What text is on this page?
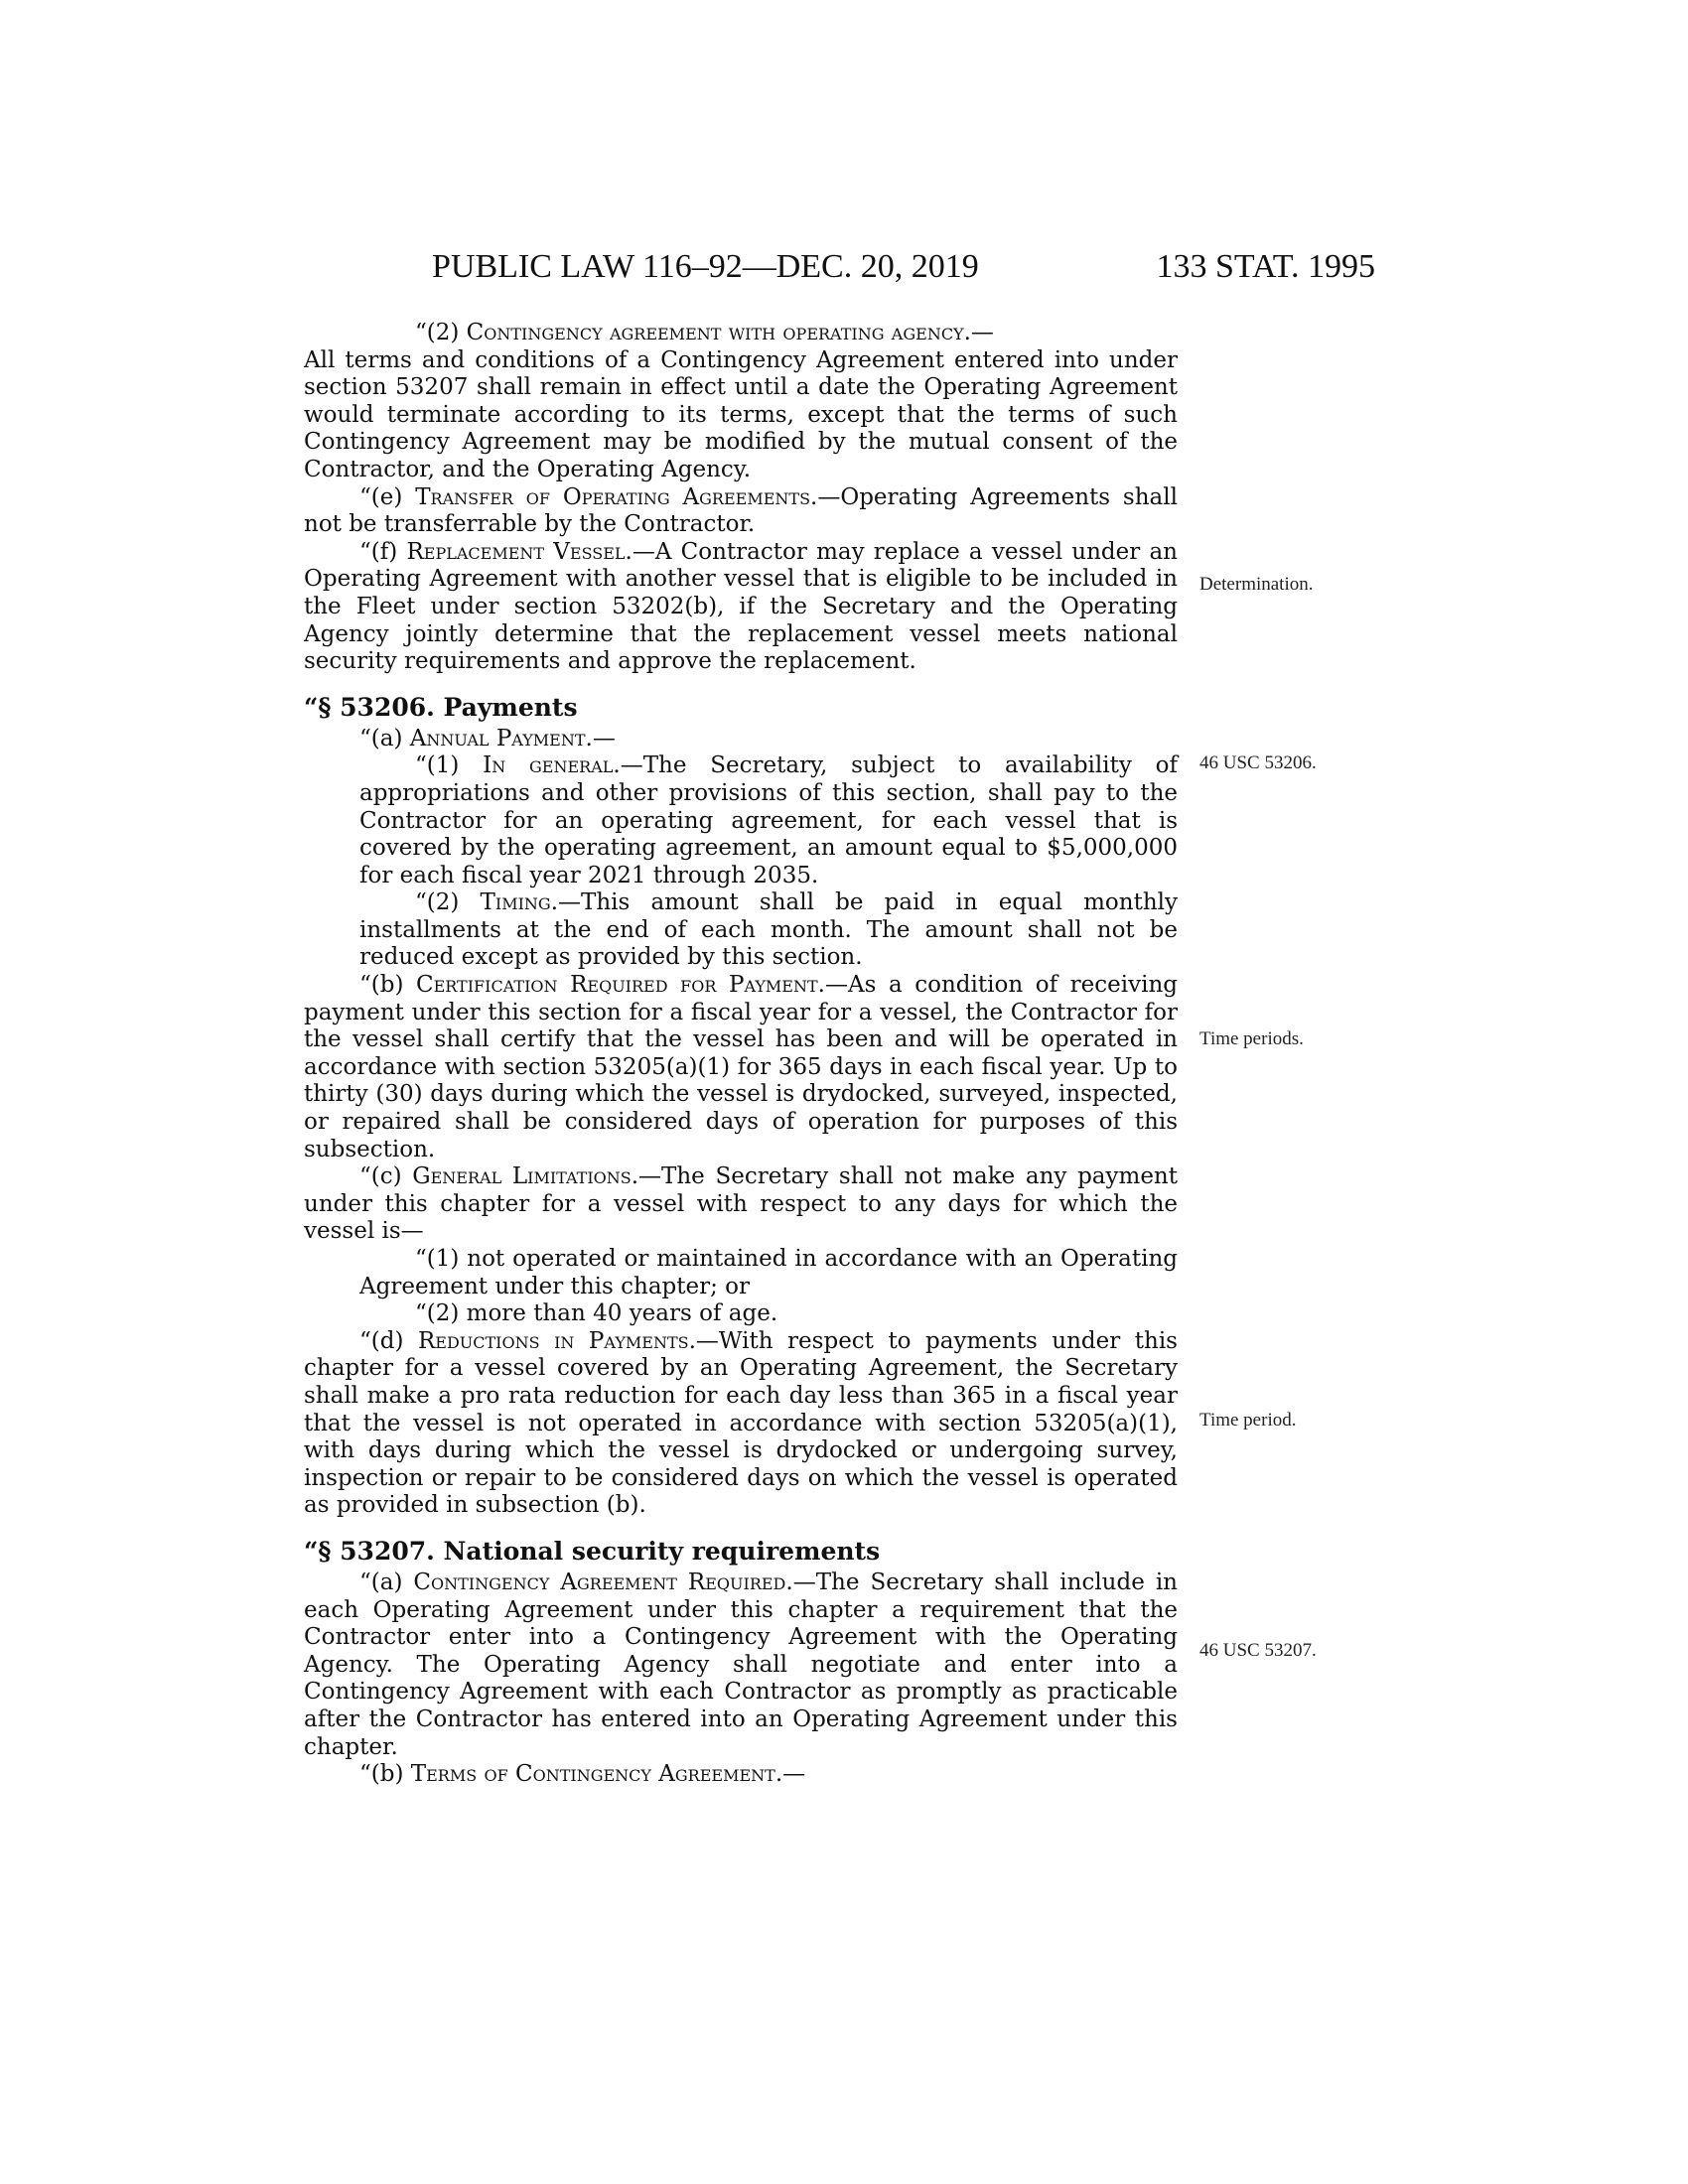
PUBLIC LAW 116–92—DEC. 20, 2019	133 STAT. 1995

“(2) Contingency agreement with operating agency.—

All terms and conditions of a Contingency Agreement entered into under section 53207 shall remain in effect until a date the Operating Agreement would terminate according to its terms, except that the terms of such Contingency Agreement may be modified by the mutual consent of the Contractor, and the Operating Agency.

“(e) Transfer of Operating Agreements.—Operating Agreements shall not be transferrable by the Contractor.

“(f) Replacement Vessel.—A Contractor may replace a vessel under an Operating Agreement with another vessel that is eligible to be included in the Fleet under section 53202(b), if the Secretary and the Operating Agency jointly determine that the replacement vessel meets national security requirements and approve the replacement.

“§ 53206. Payments

“(a) Annual Payment.—

“(1) In general.—The Secretary, subject to availability of appropriations and other provisions of this section, shall pay to the Contractor for an operating agreement, for each vessel that is covered by the operating agreement, an amount equal to $5,000,000 for each fiscal year 2021 through 2035.

“(2) Timing.—This amount shall be paid in equal monthly installments at the end of each month. The amount shall not be reduced except as provided by this section.

“(b) Certification Required for Payment.—As a condition of receiving payment under this section for a fiscal year for a vessel, the Contractor for the vessel shall certify that the vessel has been and will be operated in accordance with section 53205(a)(1) for 365 days in each fiscal year. Up to thirty (30) days during which the vessel is drydocked, surveyed, inspected, or repaired shall be considered days of operation for purposes of this subsection.

“(c) General Limitations.—The Secretary shall not make any payment under this chapter for a vessel with respect to any days for which the vessel is—

“(1) not operated or maintained in accordance with an Operating Agreement under this chapter; or

“(2) more than 40 years of age.

“(d) Reductions in Payments.—With respect to payments under this chapter for a vessel covered by an Operating Agreement, the Secretary shall make a pro rata reduction for each day less than 365 in a fiscal year that the vessel is not operated in accordance with section 53205(a)(1), with days during which the vessel is drydocked or undergoing survey, inspection or repair to be considered days on which the vessel is operated as provided in subsection (b).

“§ 53207. National security requirements

“(a) Contingency Agreement Required.—The Secretary shall include in each Operating Agreement under this chapter a requirement that the Contractor enter into a Contingency Agreement with the Operating Agency. The Operating Agency shall negotiate and enter into a Contingency Agreement with each Contractor as promptly as practicable after the Contractor has entered into an Operating Agreement under this chapter.

“(b) Terms of Contingency Agreement.—

Determination.
46 USC 53206.
Time periods.
Time period.
46 USC 53207.
